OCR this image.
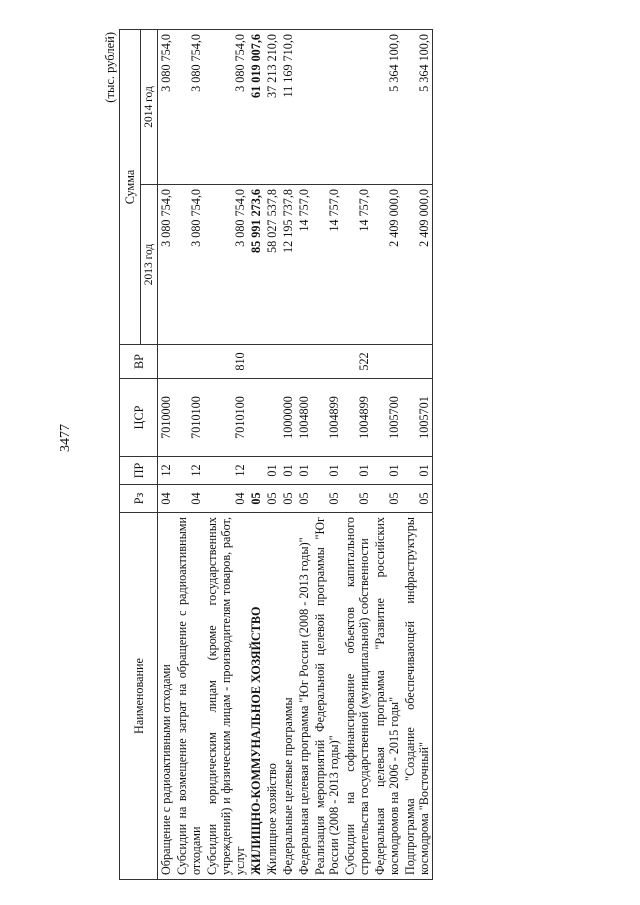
3477
(тыс. рублей)
Наименование	Рз	ПР	ЦСР	ВР	Сумма	
					2013 год	2014 год
Обращение с радиоактивными отходами	04	12	7010000		3 080 754,0	3 080 754,0
Субсидии на возмещение затрат на обращение с радиоактивными отходами	04	12	7010100		3 080 754,0	3 080 754,0
Субсидии юридическим лицам (кроме государственных учреждений) и физическим лицам - производителям товаров, работ, услуг	04	12	7010100	810	3 080 754,0	3 080 754,0
ЖИЛИЩНО-КОММУНАЛЬНОЕ ХОЗЯЙСТВО	05				85 991 273,6	61 019 007,6
Жилищное хозяйство	05	01			58 027 537,8	37 213 210,0
Федеральные целевые программы	05	01	1000000		12 195 737,8	11 169 710,0
Федеральная целевая программа "Юг России (2008 - 2013 годы)"	05	01	1004800		14 757,0	
Реализация мероприятий Федеральной целевой программы "Юг России (2008 - 2013 годы)"	05	01	1004899		14 757,0	
Субсидии на софинансирование объектов капитального строительства государственной (муниципальной) собственности	05	01	1004899	522	14 757,0	
Федеральная целевая программа "Развитие российских космодромов на 2006 - 2015 годы"	05	01	1005700		2 409 000,0	5 364 100,0
Подпрограмма "Создание обеспечивающей инфраструктуры космодрома "Восточный"	05	01	1005701		2 409 000,0	5 364 100,0
